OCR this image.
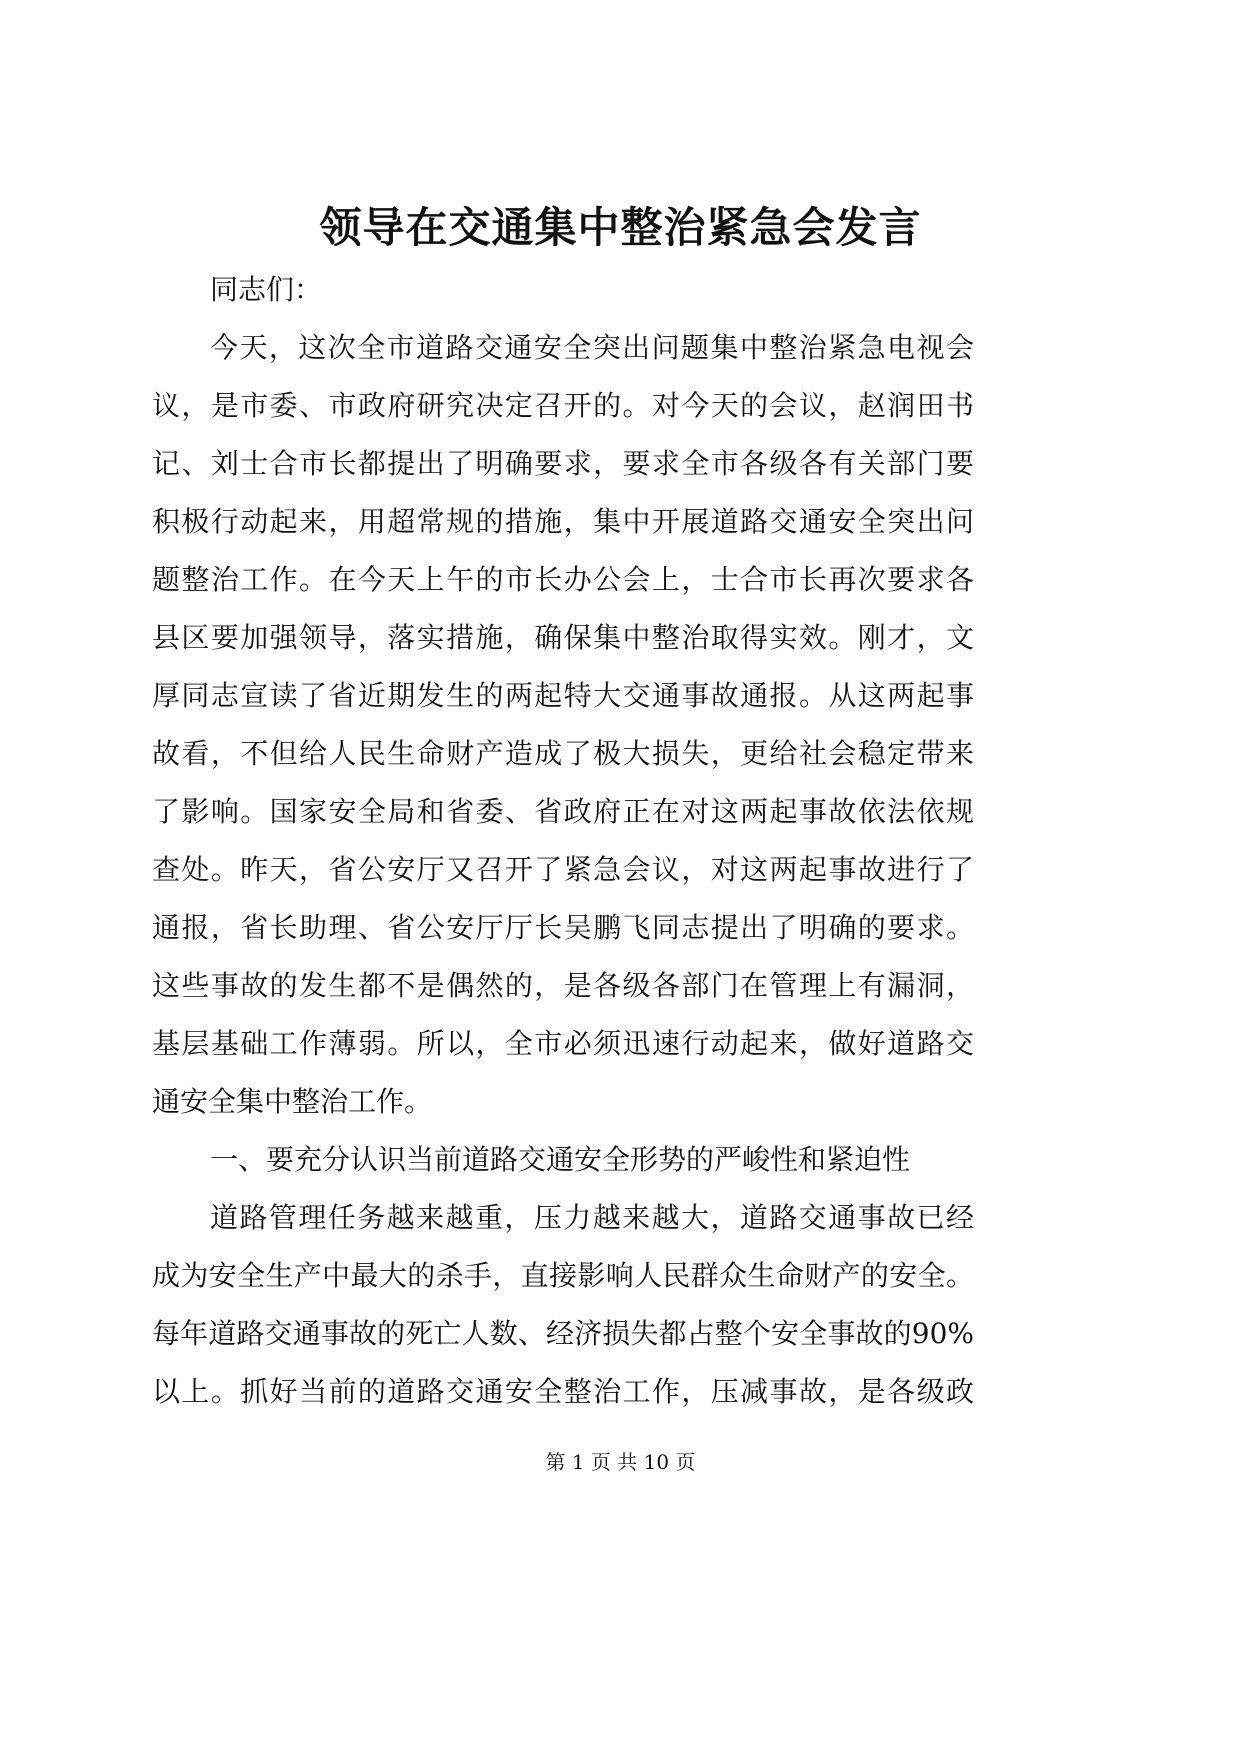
领导在交通集中整治紧急会发言
同志们：
今天，这次全市道路交通安全突出问题集中整治紧急电视会
议，是市委、市政府研究决定召开的。对今天的会议，赵润田书
记、刘士合市长都提出了明确要求，要求全市各级各有关部门要
积极行动起来，用超常规的措施，集中开展道路交通安全突出问
题整治工作。在今天上午的市长办公会上，士合市长再次要求各
县区要加强领导，落实措施，确保集中整治取得实效。刚才，文
厚同志宣读了省近期发生的两起特大交通事故通报。从这两起事
故看，不但给人民生命财产造成了极大损失，更给社会稳定带来
了影响。国家安全局和省委、省政府正在对这两起事故依法依规
查处。昨天，省公安厅又召开了紧急会议，对这两起事故进行了
通报，省长助理、省公安厅厅长吴鹏飞同志提出了明确的要求。
这些事故的发生都不是偶然的，是各级各部门在管理上有漏洞，
基层基础工作薄弱。所以，全市必须迅速行动起来，做好道路交
通安全集中整治工作。
一、要充分认识当前道路交通安全形势的严峻性和紧迫性
道路管理任务越来越重，压力越来越大，道路交通事故已经
成为安全生产中最大的杀手，直接影响人民群众生命财产的安全。
每年道路交通事故的死亡人数、经济损失都占整个安全事故的90%
以上。抓好当前的道路交通安全整治工作，压减事故，是各级政
第 1 页 共 10 页
